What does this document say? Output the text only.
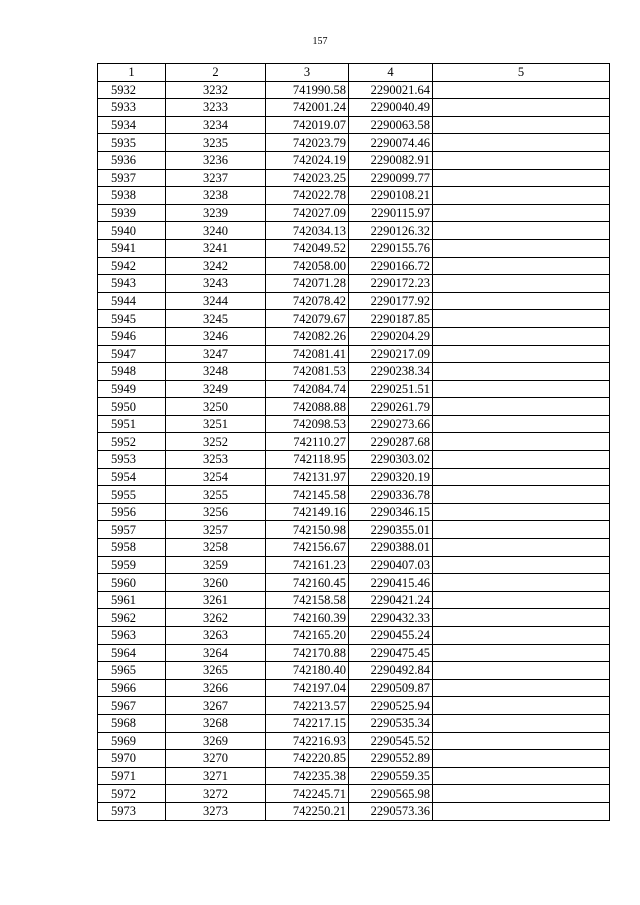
157
1	2	3	4	5
5932	3232	741990.58	2290021.64	
5933	3233	742001.24	2290040.49	
5934	3234	742019.07	2290063.58	
5935	3235	742023.79	2290074.46	
5936	3236	742024.19	2290082.91	
5937	3237	742023.25	2290099.77	
5938	3238	742022.78	2290108.21	
5939	3239	742027.09	2290115.97	
5940	3240	742034.13	2290126.32	
5941	3241	742049.52	2290155.76	
5942	3242	742058.00	2290166.72	
5943	3243	742071.28	2290172.23	
5944	3244	742078.42	2290177.92	
5945	3245	742079.67	2290187.85	
5946	3246	742082.26	2290204.29	
5947	3247	742081.41	2290217.09	
5948	3248	742081.53	2290238.34	
5949	3249	742084.74	2290251.51	
5950	3250	742088.88	2290261.79	
5951	3251	742098.53	2290273.66	
5952	3252	742110.27	2290287.68	
5953	3253	742118.95	2290303.02	
5954	3254	742131.97	2290320.19	
5955	3255	742145.58	2290336.78	
5956	3256	742149.16	2290346.15	
5957	3257	742150.98	2290355.01	
5958	3258	742156.67	2290388.01	
5959	3259	742161.23	2290407.03	
5960	3260	742160.45	2290415.46	
5961	3261	742158.58	2290421.24	
5962	3262	742160.39	2290432.33	
5963	3263	742165.20	2290455.24	
5964	3264	742170.88	2290475.45	
5965	3265	742180.40	2290492.84	
5966	3266	742197.04	2290509.87	
5967	3267	742213.57	2290525.94	
5968	3268	742217.15	2290535.34	
5969	3269	742216.93	2290545.52	
5970	3270	742220.85	2290552.89	
5971	3271	742235.38	2290559.35	
5972	3272	742245.71	2290565.98	
5973	3273	742250.21	2290573.36	
